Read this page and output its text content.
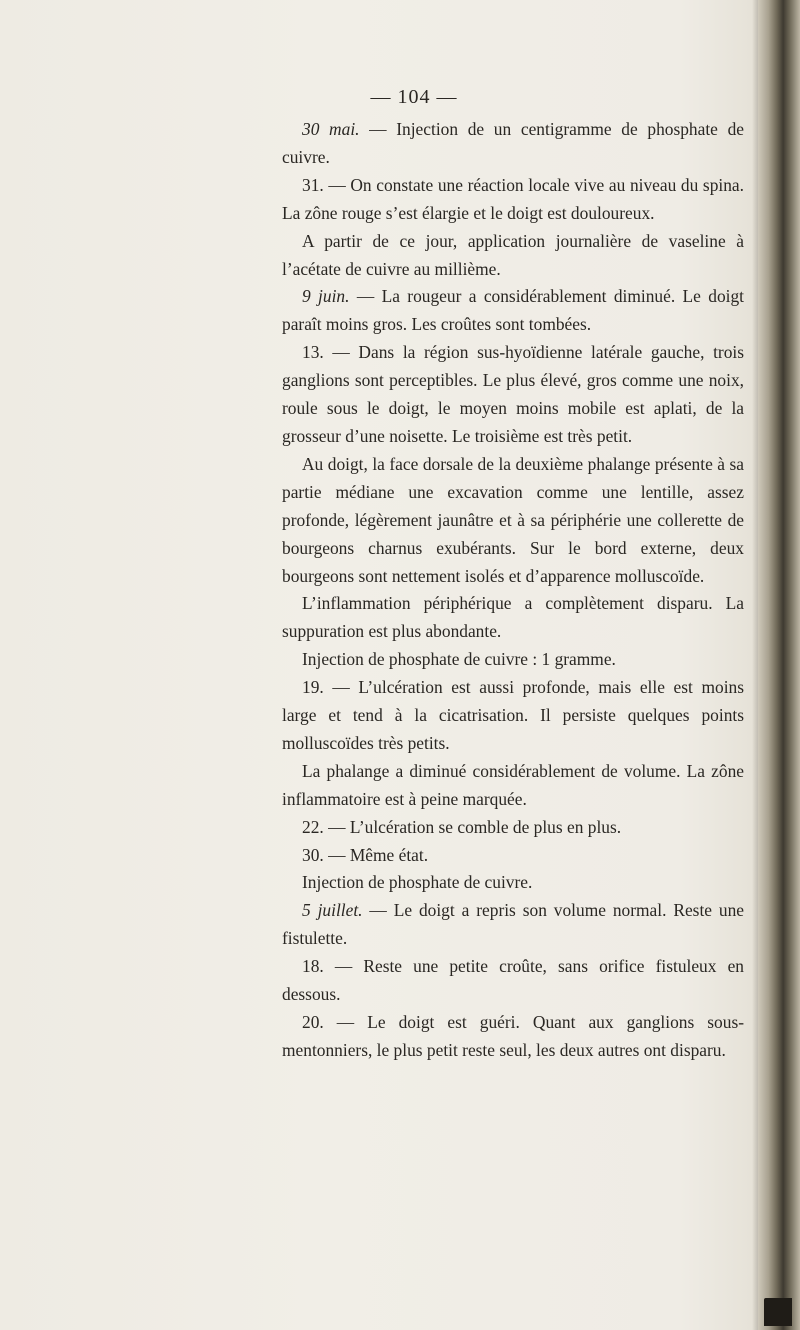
— 104 —

30 mai. — Injection de un centigramme de phosphate de cuivre.

31. — On constate une réaction locale vive au niveau du spina. La zône rouge s’est élargie et le doigt est douloureux.

A partir de ce jour, application journalière de vaseline à l’acétate de cuivre au millième.

9 juin. — La rougeur a considérablement diminué. Le doigt paraît moins gros. Les croûtes sont tombées.

13. — Dans la région sus-hyoïdienne latérale gauche, trois ganglions sont perceptibles. Le plus élevé, gros comme une noix, roule sous le doigt, le moyen moins mobile est aplati, de la grosseur d’une noisette. Le troisième est très petit.

Au doigt, la face dorsale de la deuxième phalange présente à sa partie médiane une excavation comme une lentille, assez profonde, légèrement jaunâtre et à sa périphérie une collerette de bourgeons charnus exubérants. Sur le bord externe, deux bourgeons sont nettement isolés et d’apparence molluscoïde.

L’inflammation périphérique a complètement disparu. La suppuration est plus abondante.

Injection de phosphate de cuivre : 1 gramme.

19. — L’ulcération est aussi profonde, mais elle est moins large et tend à la cicatrisation. Il persiste quelques points molluscoïdes très petits.

La phalange a diminué considérablement de volume. La zône inflammatoire est à peine marquée.

22. — L’ulcération se comble de plus en plus.

30. — Même état.

Injection de phosphate de cuivre.

5 juillet. — Le doigt a repris son volume normal. Reste une fistulette.

18. — Reste une petite croûte, sans orifice fistuleux en dessous.

20. — Le doigt est guéri. Quant aux ganglions sous-mentonniers, le plus petit reste seul, les deux autres ont disparu.
